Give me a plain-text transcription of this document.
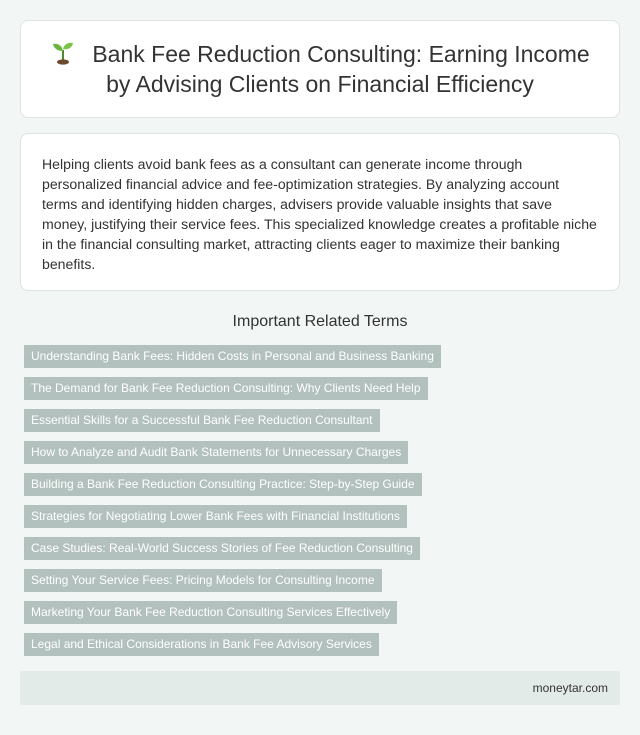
Bank Fee Reduction Consulting: Earning Income by Advising Clients on Financial Efficiency

Helping clients avoid bank fees as a consultant can generate income through personalized financial advice and fee-optimization strategies. By analyzing account terms and identifying hidden charges, advisers provide valuable insights that save money, justifying their service fees. This specialized knowledge creates a profitable niche in the financial consulting market, attracting clients eager to maximize their banking benefits.

Important Related Terms
Understanding Bank Fees: Hidden Costs in Personal and Business Banking
The Demand for Bank Fee Reduction Consulting: Why Clients Need Help
Essential Skills for a Successful Bank Fee Reduction Consultant
How to Analyze and Audit Bank Statements for Unnecessary Charges
Building a Bank Fee Reduction Consulting Practice: Step-by-Step Guide
Strategies for Negotiating Lower Bank Fees with Financial Institutions
Case Studies: Real-World Success Stories of Fee Reduction Consulting
Setting Your Service Fees: Pricing Models for Consulting Income
Marketing Your Bank Fee Reduction Consulting Services Effectively
Legal and Ethical Considerations in Bank Fee Advisory Services
moneytar.com
